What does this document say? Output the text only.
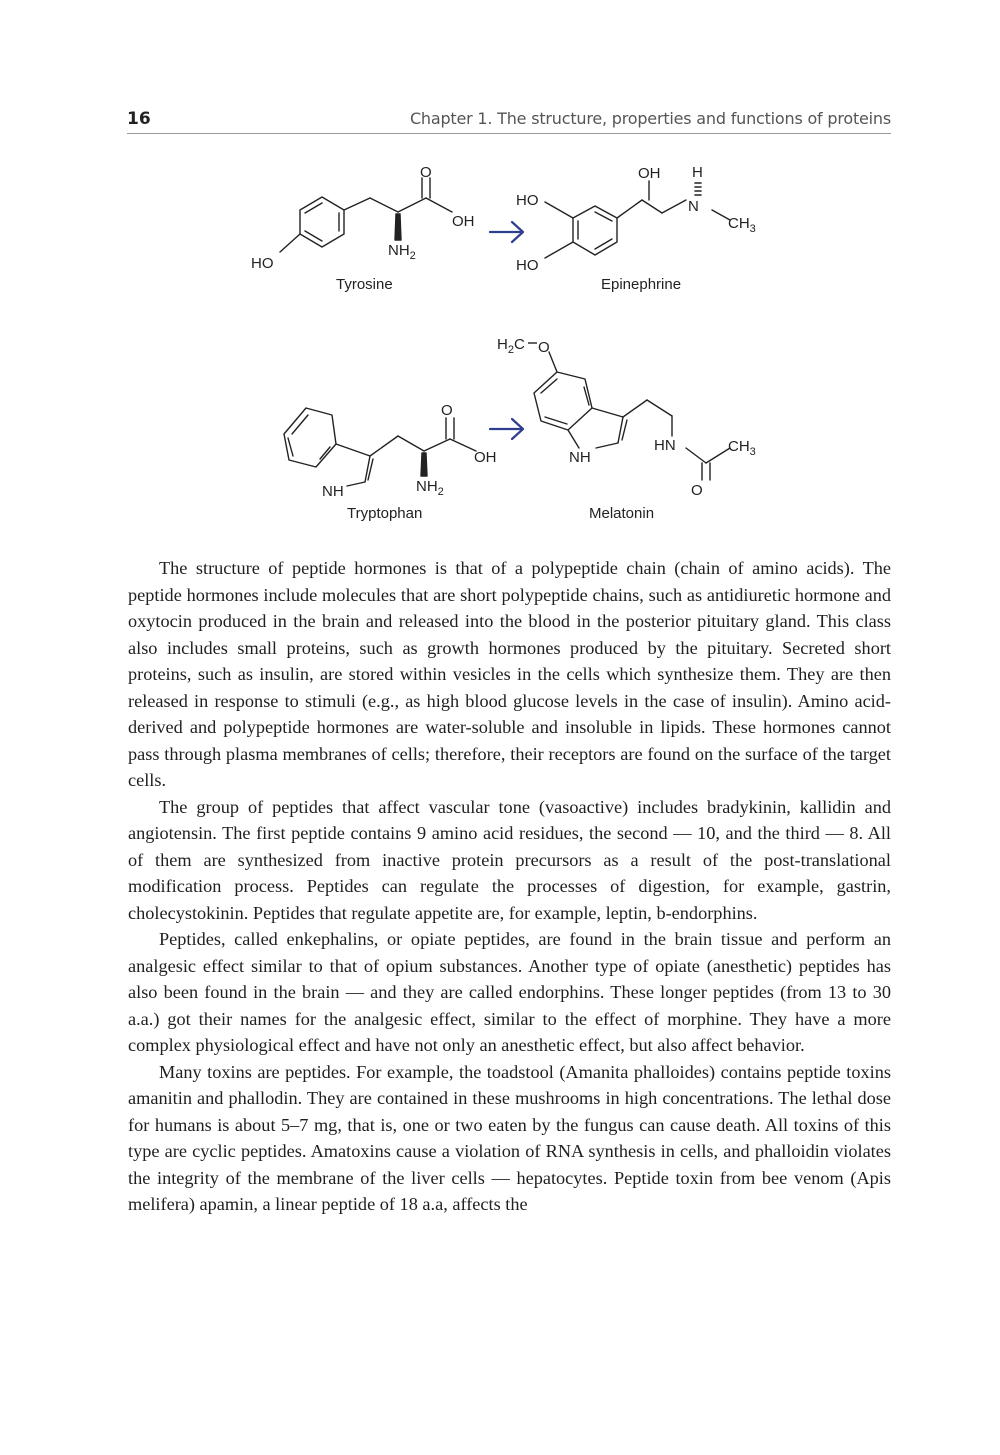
16	Chapter 1. The structure, properties and functions of proteins
HO
O
OH
$NH_2$
Tyrosine
HO
HO
OH H
N
$CH_3$
Epinephrine
NH
O
OH
$NH_2$
Tryptophan
$H_2C$ O
NH
HN	$CH_3$
O
Melatonin

The structure of peptide hormones is that of a polypeptide chain (chain of amino acids). The peptide hormones include molecules that are short polypeptide chains, such as antidiuretic hormone and oxytocin produced in the brain and released into the blood in the posterior pituitary gland. This class also includes small proteins, such as growth hormones produced by the pituitary. Secreted short proteins, such as insulin, are stored within vesicles in the cells which synthesize them. They are then released in response to stimuli (e.g., as high blood glucose levels in the case of insulin). Amino acid-derived and polypeptide hormones are water-soluble and insoluble in lipids. These hormones cannot pass through plasma membranes of cells; therefore, their receptors are found on the surface of the target cells.

The group of peptides that affect vascular tone (vasoactive) includes bradykinin, kallidin and angiotensin. The first peptide contains 9 amino acid residues, the second — 10, and the third — 8. All of them are synthesized from inactive protein precursors as a result of the post-translational modification process. Peptides can regulate the processes of digestion, for example, gastrin, cholecystokinin. Peptides that regulate appetite are, for example, leptin, b-endorphins.

Peptides, called enkephalins, or opiate peptides, are found in the brain tissue and perform an analgesic effect similar to that of opium substances. Another type of opiate (anesthetic) peptides has also been found in the brain — and they are called endorphins. These longer peptides (from 13 to 30 a.a.) got their names for the analgesic effect, similar to the effect of morphine. They have a more complex physiological effect and have not only an anesthetic effect, but also affect behavior.

Many toxins are peptides. For example, the toadstool (Amanita phalloides) contains peptide toxins amanitin and phallodin. They are contained in these mushrooms in high concentrations. The lethal dose for humans is about 5–7 mg, that is, one or two eaten by the fungus can cause death. All toxins of this type are cyclic peptides. Amatoxins cause a violation of RNA synthesis in cells, and phalloidin violates the integrity of the membrane of the liver cells — hepatocytes. Peptide toxin from bee venom (Apis melifera) apamin, a linear peptide of 18 a.a, affects the
